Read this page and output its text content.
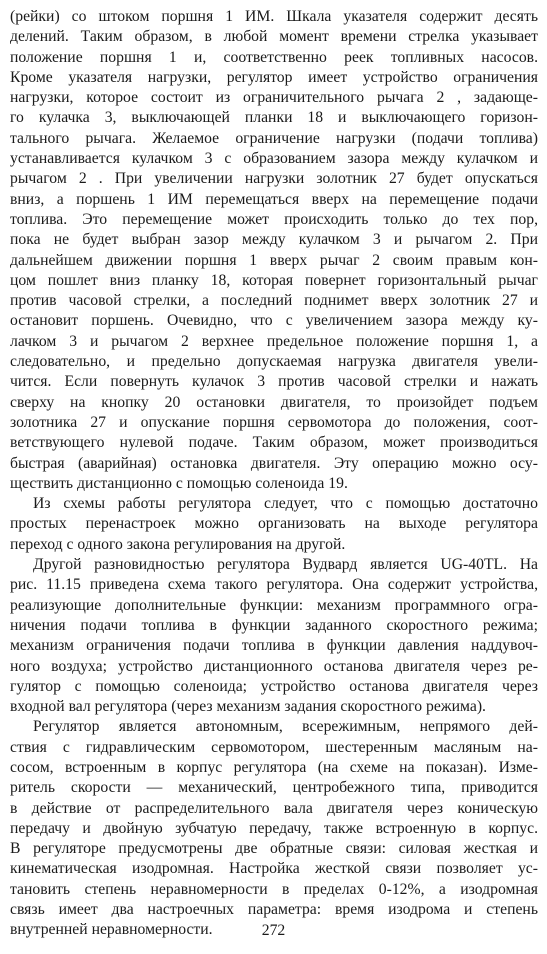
(рейки) со штоком поршня 1 ИМ. Шкала указателя содержит десять
делений. Таким образом, в любой момент времени стрелка указывает
положение поршня 1 и, соответственно реек топливных насосов.
Кроме указателя нагрузки, регулятор имеет устройство ограничения
нагрузки, которое состоит из ограничительного рычага 2 , задающе-
го кулачка 3, выключающей планки 18 и выключающего горизон-
тального рычага. Желаемое ограничение нагрузки (подачи топлива)
устанавливается кулачком 3 с образованием зазора между кулачком и
рычагом 2 . При увеличении нагрузки золотник 27 будет опускаться
вниз, а поршень 1 ИМ перемещаться вверх на перемещение подачи
топлива. Это перемещение может происходить только до тех пор,
пока не будет выбран зазор между кулачком 3 и рычагом 2. При
дальнейшем движении поршня 1 вверх рычаг 2 своим правым кон-
цом пошлет вниз планку 18, которая повернет горизонтальный рычаг
против часовой стрелки, а последний поднимет вверх золотник 27 и
остановит поршень. Очевидно, что с увеличением зазора между ку-
лачком 3 и рычагом 2 верхнее предельное положение поршня 1, а
следовательно, и предельно допускаемая нагрузка двигателя увели-
чится. Если повернуть кулачок 3 против часовой стрелки и нажать
сверху на кнопку 20 остановки двигателя, то произойдет подъем
золотника 27 и опускание поршня сервомотора до положения, соот-
ветствующего нулевой подаче. Таким образом, может производиться
быстрая (аварийная) остановка двигателя. Эту операцию можно осу-
ществить дистанционно с помощью соленоида 19.
Из схемы работы регулятора следует, что с помощью достаточно
простых перенастроек можно организовать на выходе регулятора
переход с одного закона регулирования на другой.
Другой разновидностью регулятора Вудвард является UG-40TL. На
рис. 11.15 приведена схема такого регулятора. Она содержит устройства,
реализующие дополнительные функции: механизм программного огра-
ничения подачи топлива в функции заданного скоростного режима;
механизм ограничения подачи топлива в функции давления наддувоч-
ного воздуха; устройство дистанционного останова двигателя через ре-
гулятор с помощью соленоида; устройство останова двигателя через
входной вал регулятора (через механизм задания скоростного режима).
Регулятор является автономным, всережимным, непрямого дей-
ствия с гидравлическим сервомотором, шестеренным масляным на-
сосом, встроенным в корпус регулятора (на схеме на показан). Изме-
ритель скорости — механический, центробежного типа, приводится
в действие от распределительного вала двигателя через коническую
передачу и двойную зубчатую передачу, также встроенную в корпус.
В регуляторе предусмотрены две обратные связи: силовая жесткая и
кинематическая изодромная. Настройка жесткой связи позволяет ус-
тановить степень неравномерности в пределах 0-12%, а изодромная
связь имеет два настроечных параметра: время изодрома и степень
внутренней неравномерности.	272
